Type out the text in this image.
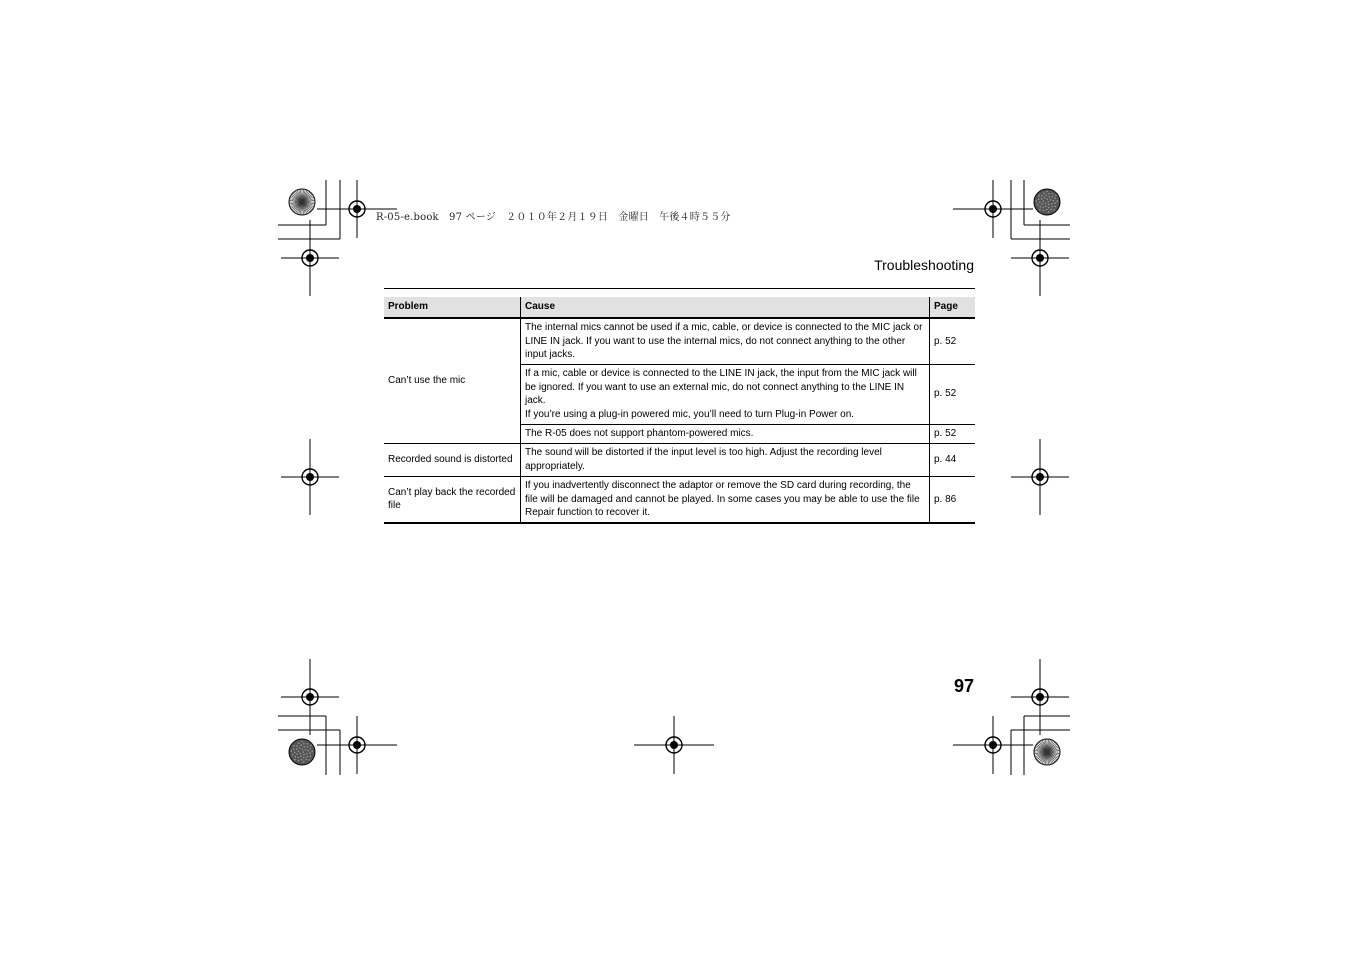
R-05-e.book　97 ページ　２０１０年２月１９日　金曜日　午後４時５５分
Troubleshooting
Problem	Cause	Page
Can’t use the mic	The internal mics cannot be used if a mic, cable, or device is connected to the MIC jack or LINE IN jack. If you want to use the internal mics, do not connect anything to the other input jacks.	p. 52

	If a mic, cable or device is connected to the LINE IN jack, the input from the MIC jack will be ignored. If you want to use an external mic, do not connect anything to the LINE IN jack.
If you’re using a plug-in powered mic, you’ll need to turn Plug-in Power on.	p. 52

	The R-05 does not support phantom-powered mics.	p. 52
Recorded sound is distorted	The sound will be distorted if the input level is too high. Adjust the recording level appropriately.	p. 44
Can’t play back the recorded file	If you inadvertently disconnect the adaptor or remove the SD card during recording, the file will be damaged and cannot be played. In some cases you may be able to use the file Repair function to recover it.	p. 86
97
